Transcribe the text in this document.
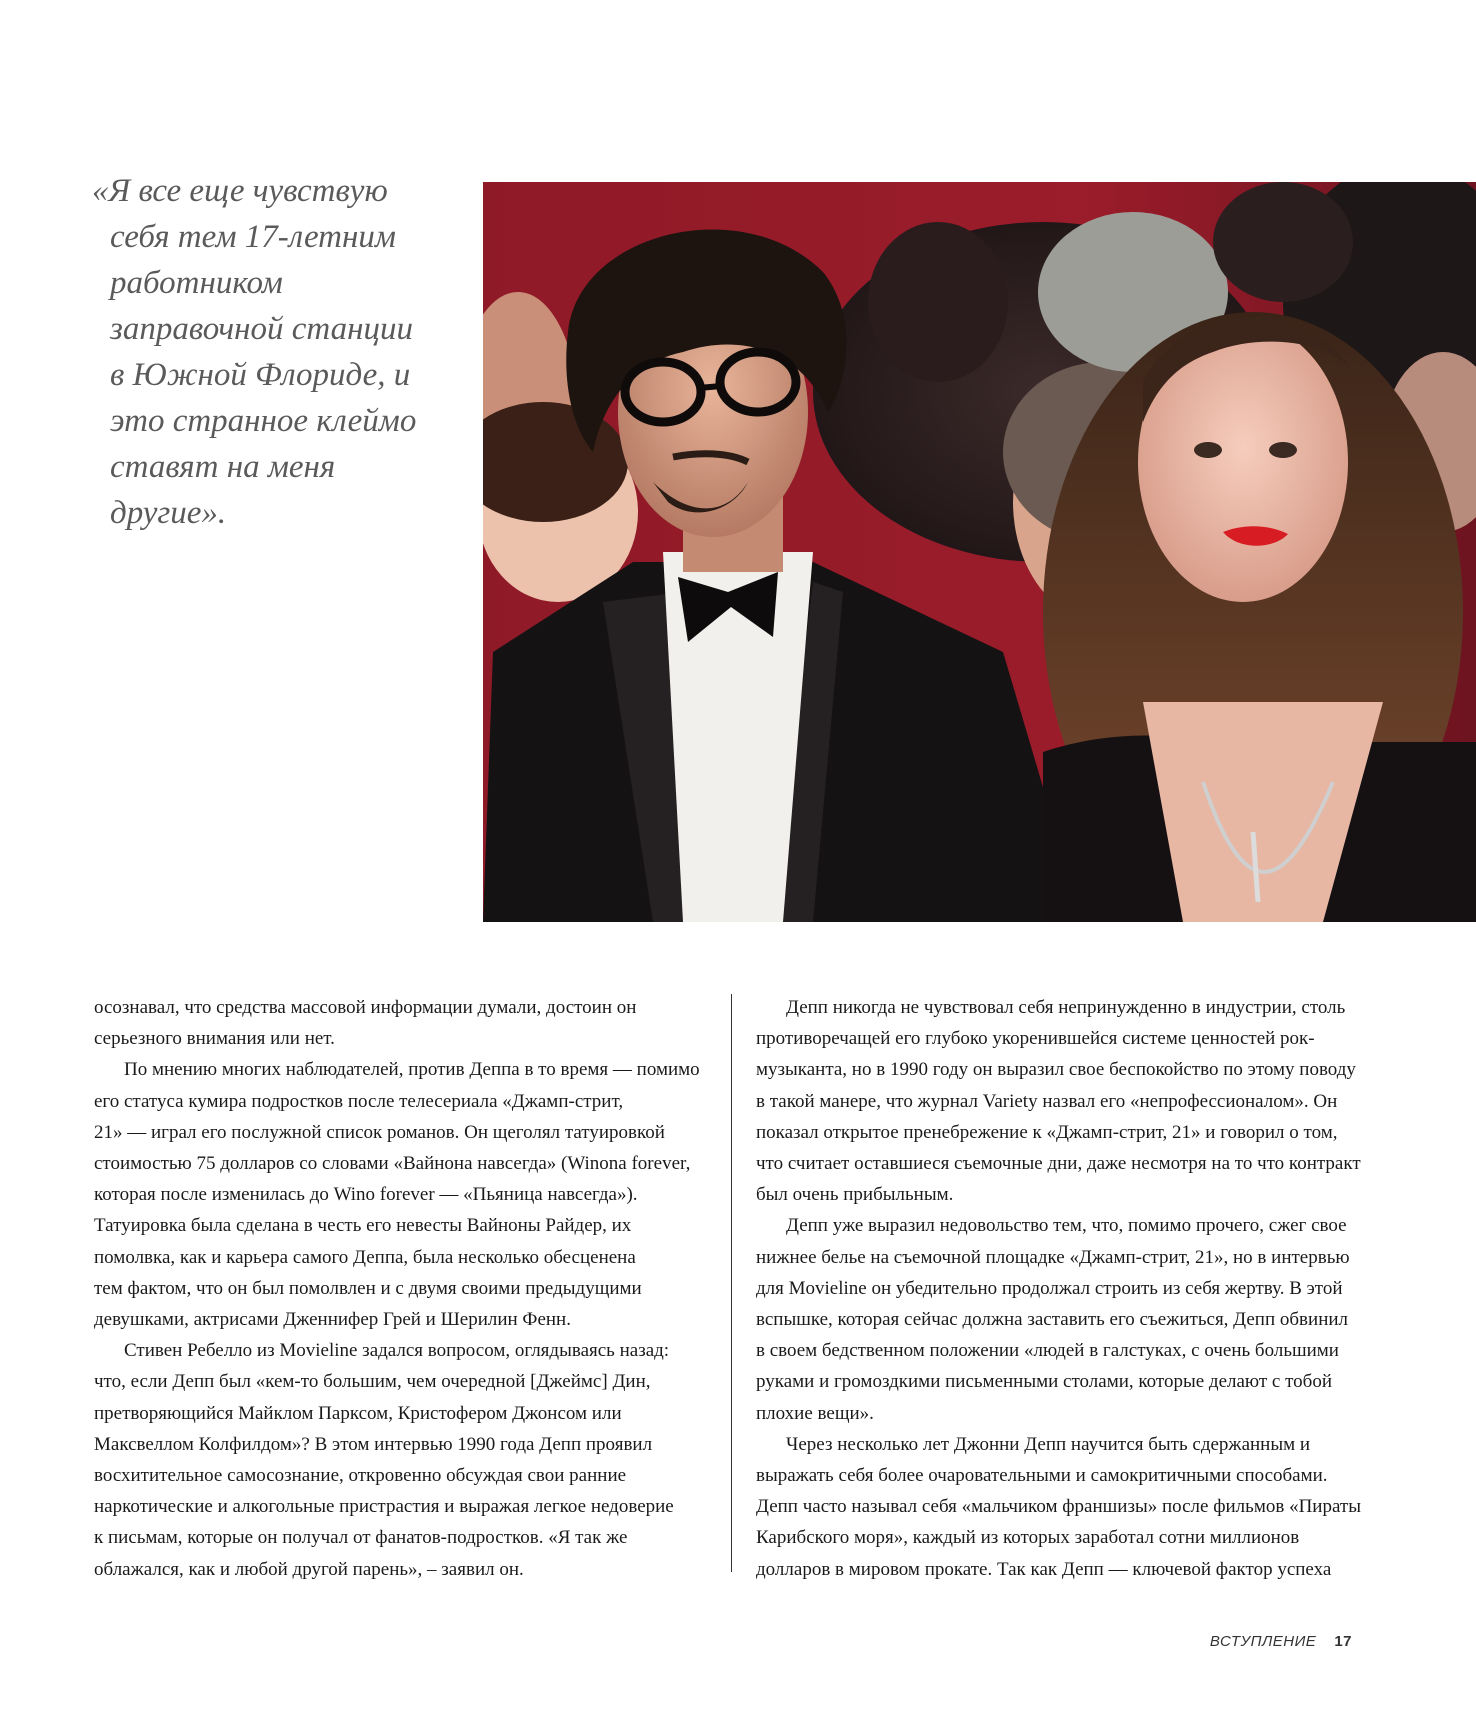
«Я все еще чувствую
себя тем 17-летним
работником
заправочной станции
в Южной Флориде, и
это странное клеймо
ставят на меня
другие».

осознавал, что средства массовой информации думали, достоин он
серьезного внимания или нет.

По мнению многих наблюдателей, против Деппа в то время — помимо
его статуса кумира подростков после телесериала «Джамп-стрит,
21» — играл его послужной список романов. Он щеголял татуировкой
стоимостью 75 долларов со словами «Вайнона навсегда» (Winona forever,
которая после изменилась до Wino forever — «Пьяница навсегда»).
Татуировка была сделана в честь его невесты Вайноны Райдер, их
помолвка, как и карьера самого Деппа, была несколько обесценена
тем фактом, что он был помолвлен и с двумя своими предыдущими
девушками, актрисами Дженнифер Грей и Шерилин Фенн.

Стивен Ребелло из Movieline задался вопросом, оглядываясь назад:
что, если Депп был «кем-то большим, чем очередной [Джеймс] Дин,
претворяющийся Майклом Парксом, Кристофером Джонсом или
Максвеллом Колфилдом»? В этом интервью 1990 года Депп проявил
восхитительное самосознание, откровенно обсуждая свои ранние
наркотические и алкогольные пристрастия и выражая легкое недоверие
к письмам, которые он получал от фанатов-подростков. «Я так же
облажался, как и любой другой парень», – заявил он.

Депп никогда не чувствовал себя непринужденно в индустрии, столь
противоречащей его глубоко укоренившейся системе ценностей рок-
музыканта, но в 1990 году он выразил свое беспокойство по этому поводу
в такой манере, что журнал Variety назвал его «непрофессионалом». Он
показал открытое пренебрежение к «Джамп-стрит, 21» и говорил о том,
что считает оставшиеся съемочные дни, даже несмотря на то что контракт
был очень прибыльным.

Депп уже выразил недовольство тем, что, помимо прочего, сжег свое
нижнее белье на съемочной площадке «Джамп-стрит, 21», но в интервью
для Movieline он убедительно продолжал строить из себя жертву. В этой
вспышке, которая сейчас должна заставить его съежиться, Депп обвинил
в своем бедственном положении «людей в галстуках, с очень большими
руками и громоздкими письменными столами, которые делают с тобой
плохие вещи».

Через несколько лет Джонни Депп научится быть сдержанным и
выражать себя более очаровательными и самокритичными способами.
Депп часто называл себя «мальчиком франшизы» после фильмов «Пираты
Карибского моря», каждый из которых заработал сотни миллионов
долларов в мировом прокате. Так как Депп — ключевой фактор успеха

ВСТУПЛЕНИЕ 17
